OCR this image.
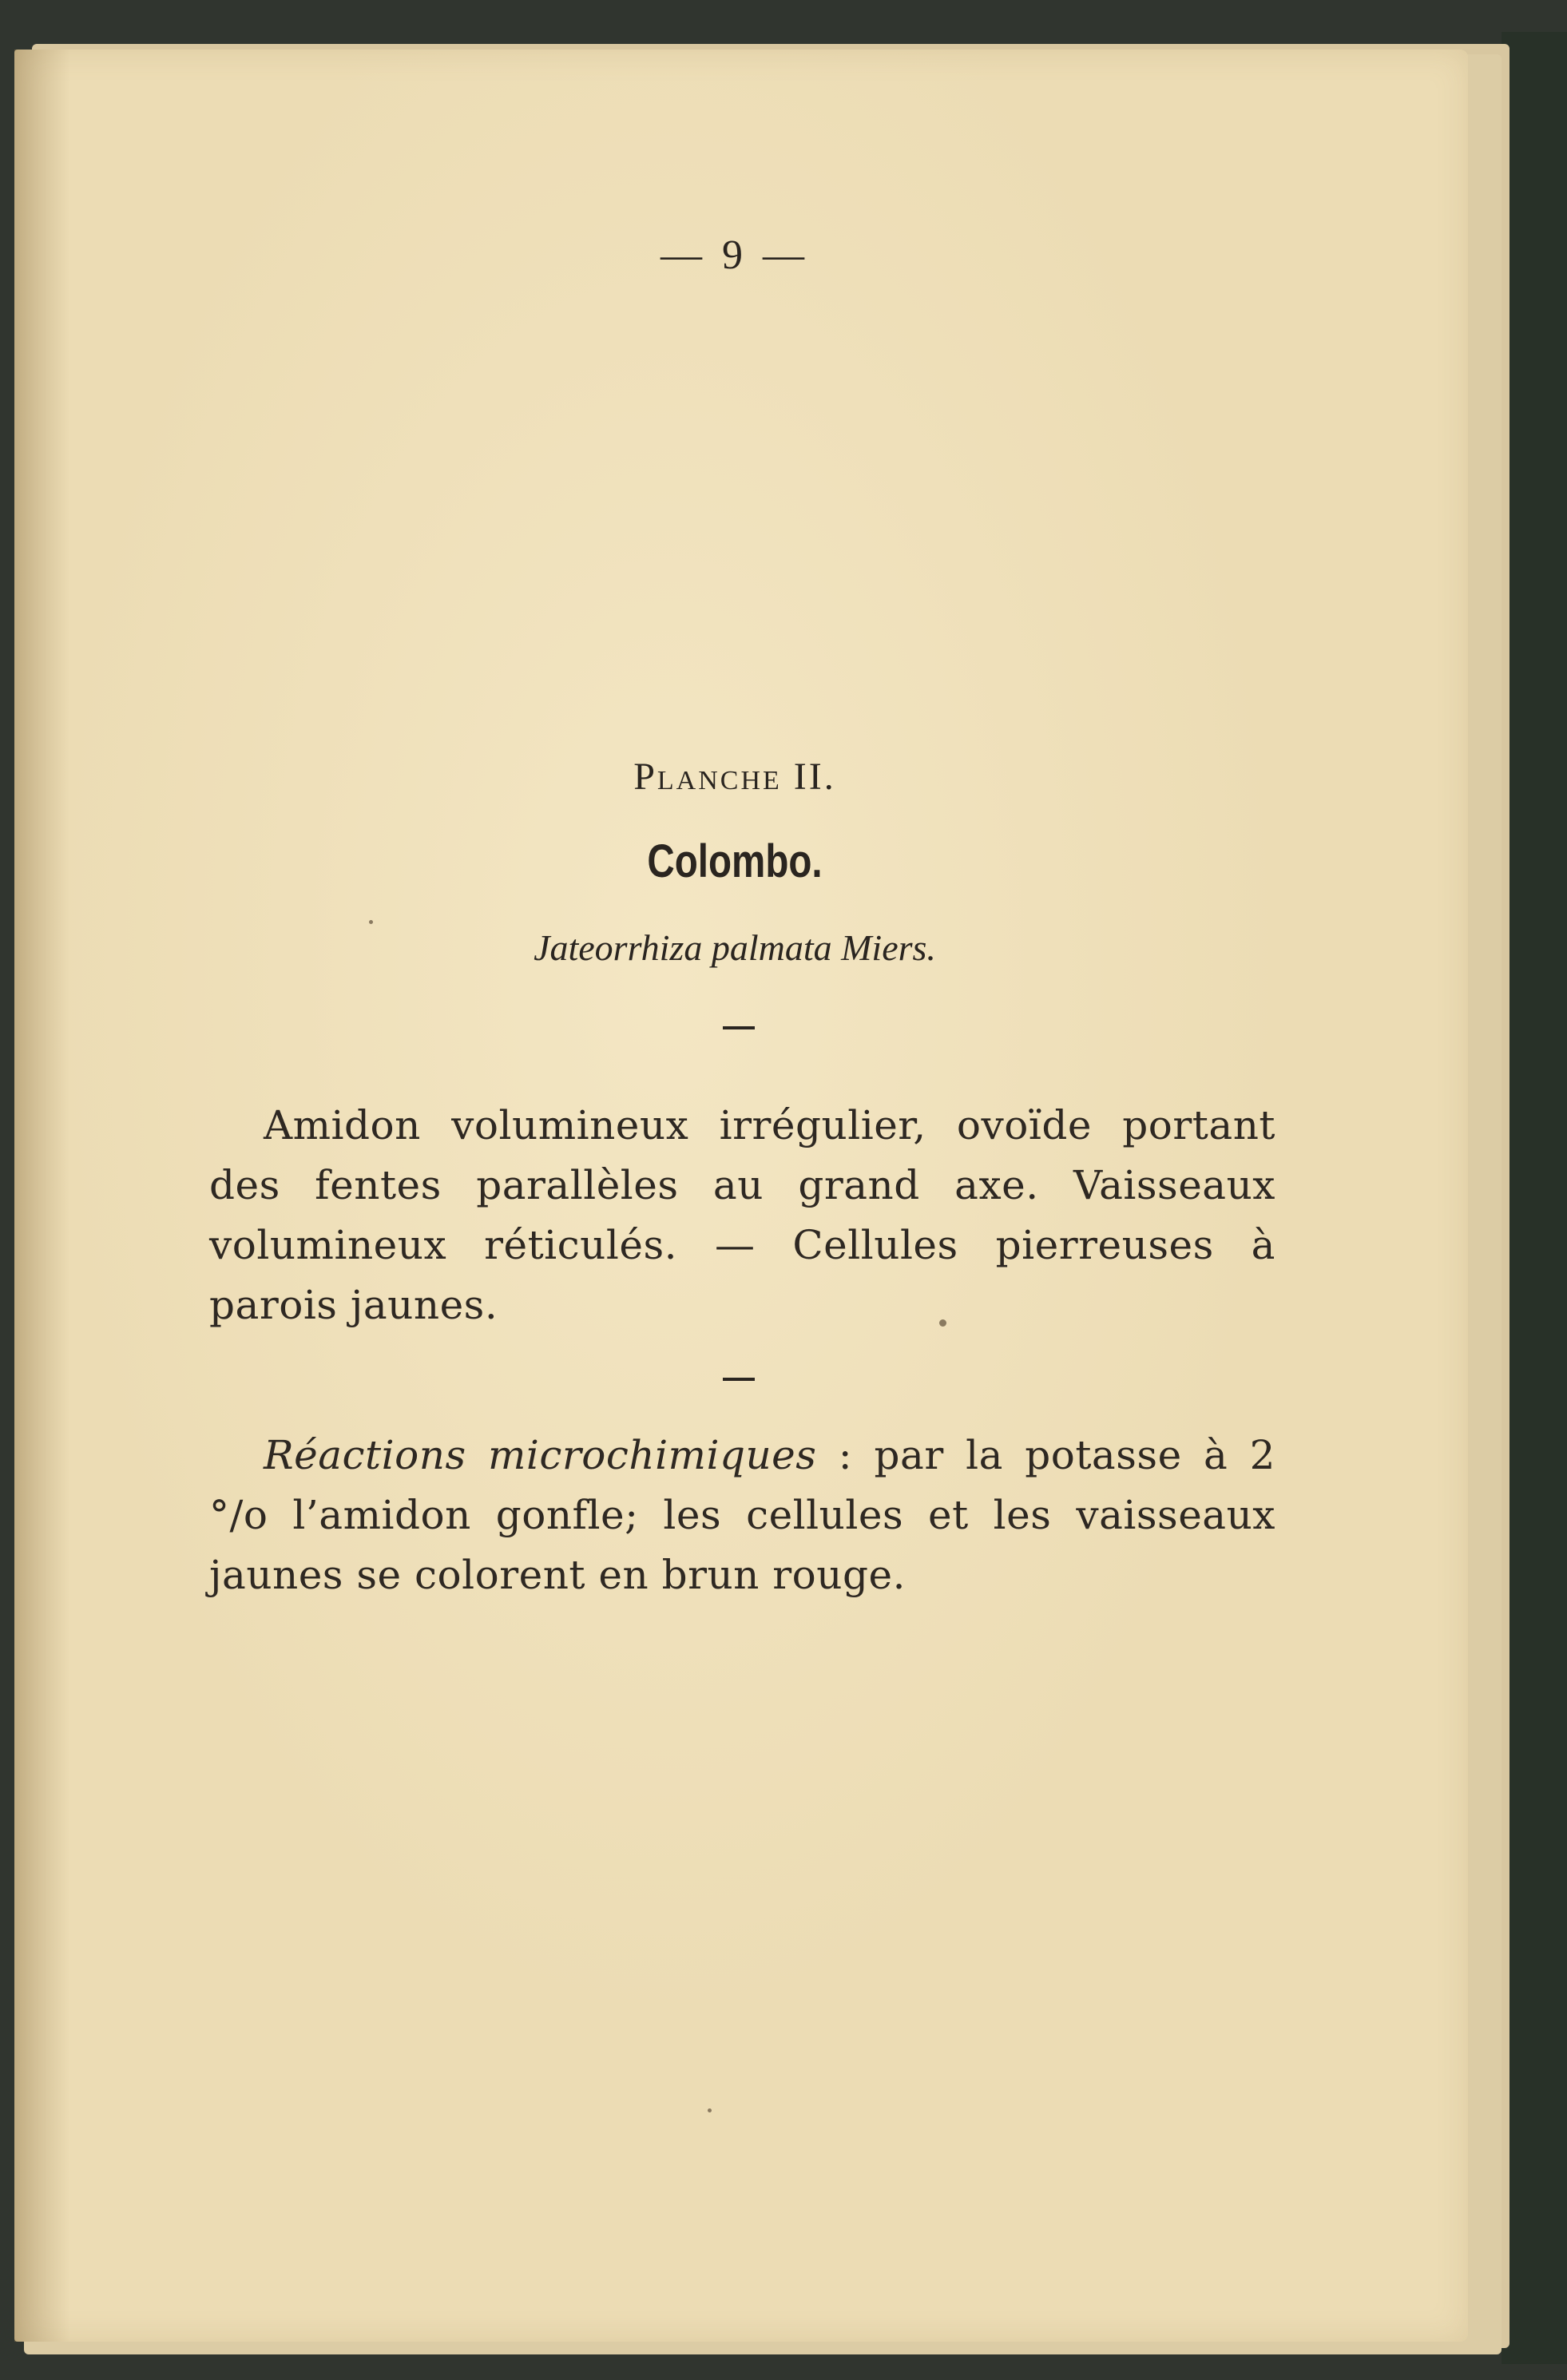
— 9 —

Planche II.

Colombo.

Jateorrhiza palmata Miers.

Amidon volumineux irrégulier, ovoïde portant des fentes parallèles au grand axe. Vaisseaux volumineux réticulés. — Cellules pierreuses à parois jaunes.

Réactions microchimiques : par la potasse à 2 °/o l’amidon gonfle; les cellules et les vaisseaux jaunes se colorent en brun rouge.
